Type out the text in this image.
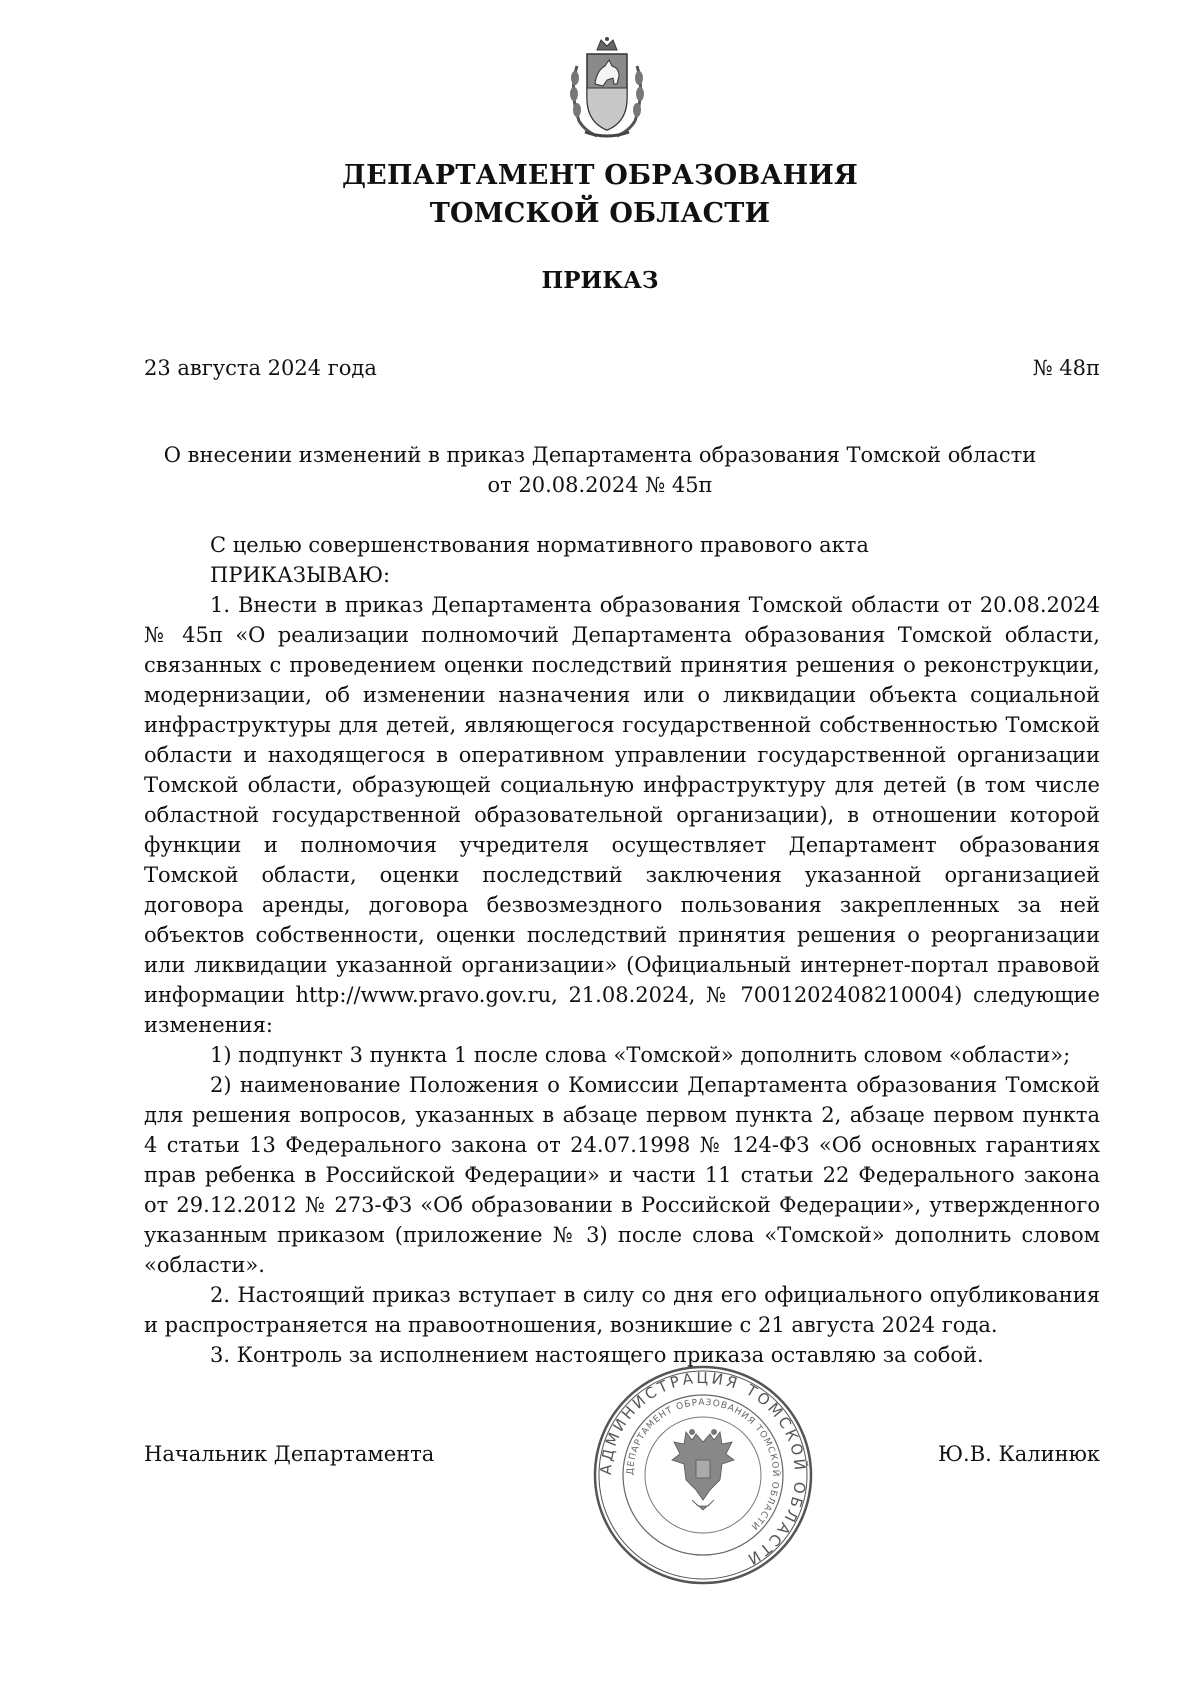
ДЕПАРТАМЕНТ ОБРАЗОВАНИЯ
ТОМСКОЙ ОБЛАСТИ
ПРИКАЗ
23 августа 2024 года	№ 48п
О внесении изменений в приказ Департамента образования Томской области
от 20.08.2024 № 45п

С целью совершенствования нормативного правового акта

ПРИКАЗЫВАЮ:

1. Внести в приказ Департамента образования Томской области от 20.08.2024 № 45п «О реализации полномочий Департамента образования Томской области, связанных с проведением оценки последствий принятия решения о реконструкции, модернизации, об изменении назначения или о ликвидации объекта социальной инфраструктуры для детей, являющегося государственной собственностью Томской области и находящегося в оперативном управлении государственной организации Томской области, образующей социальную инфраструктуру для детей (в том числе областной государственной образовательной организации), в отношении которой функции и полномочия учредителя осуществляет Департамент образования Томской области, оценки последствий заключения указанной организацией договора аренды, договора безвозмездного пользования закрепленных за ней объектов собственности, оценки последствий принятия решения о реорганизации или ликвидации указанной организации» (Официальный интернет-портал правовой информации http://www.pravo.gov.ru, 21.08.2024, № 7001202408210004) следующие изменения:

1) подпункт 3 пункта 1 после слова «Томской» дополнить словом «области»;

2) наименование Положения о Комиссии Департамента образования Томской для решения вопросов, указанных в абзаце первом пункта 2, абзаце первом пункта 4 статьи 13 Федерального закона от 24.07.1998 № 124-ФЗ «Об основных гарантиях прав ребенка в Российской Федерации» и части 11 статьи 22 Федерального закона от 29.12.2012 № 273-ФЗ «Об образовании в Российской Федерации», утвержденного указанным приказом (приложение № 3) после слова «Томской» дополнить словом «области».

2. Настоящий приказ вступает в силу со дня его официального опубликования и распространяется на правоотношения, возникшие с 21 августа 2024 года.

3. Контроль за исполнением настоящего приказа оставляю за собой.

АДМИНИСТРАЦИЯ ТОМСКОЙ ОБЛАСТИ
ДЕПАРТАМЕНТ ОБРАЗОВАНИЯ ТОМСКОЙ ОБЛАСТИ
Начальник Департамента	Ю.В. Калинюк
